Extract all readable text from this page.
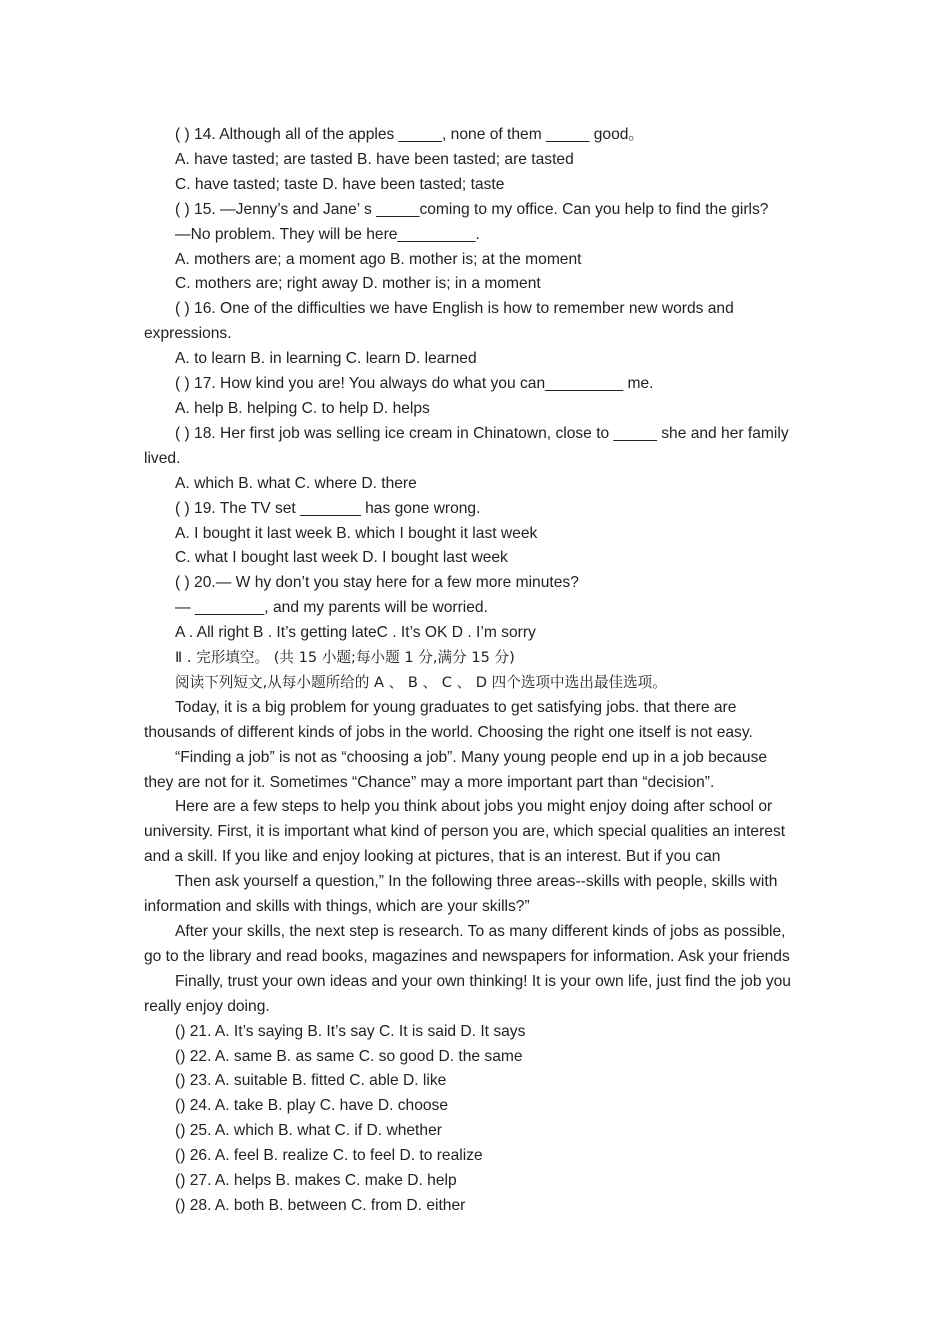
( ) 14. Although all of the apples _____, none of them _____ good。

A. have tasted; are tasted B. have been tasted; are tasted

C. have tasted; taste D. have been tasted; taste

( ) 15. —Jenny’s and Jane’ s _____coming to my office. Can you help to find the girls?

—No problem. They will be here_________.

A. mothers are; a moment ago B. mother is; at the moment

C. mothers are; right away D. mother is; in a moment

( ) 16. One of the difficulties we have English is how to remember new words and

expressions.

A. to learn B. in learning C. learn D. learned

( ) 17. How kind you are! You always do what you can_________ me.

A. help B. helping C. to help D. helps

( ) 18. Her first job was selling ice cream in Chinatown, close to _____ she and her family

lived.

A. which B. what C. where D. there

( ) 19. The TV set _______ has gone wrong.

A. I bought it last week B. which I bought it last week

C. what I bought last week D. I bought last week

( ) 20.— W hy don’t you stay here for a few more minutes?

— ________, and my parents will be worried.

A . All right B . It’s getting lateC . It’s OK D . I’m sorry

Ⅱ . 完形填空。 (共 15 小题;每小题 1 分,满分 15 分)

阅读下列短文,从每小题所给的 A 、 B 、 C 、 D 四个选项中选出最佳选项。

Today, it is a big problem for young graduates to get satisfying jobs. that there are

thousands of different kinds of jobs in the world. Choosing the right one itself is not easy.

“Finding a job” is not as “choosing a job”. Many young people end up in a job because

they are not for it. Sometimes “Chance” may a more important part than “decision”.

Here are a few steps to help you think about jobs you might enjoy doing after school or

university. First, it is important what kind of person you are, which special qualities an interest

and a skill. If you like and enjoy looking at pictures, that is an interest. But if you can

Then ask yourself a question,” In the following three areas--skills with people, skills with

information and skills with things, which are your skills?”

After your skills, the next step is research. To as many different kinds of jobs as possible,

go to the library and read books, magazines and newspapers for information. Ask your friends

Finally, trust your own ideas and your own thinking! It is your own life, just find the job you

really enjoy doing.

() 21. A. It’s saying B. It’s say C. It is said D. It says

() 22. A. same B. as same C. so good D. the same

() 23. A. suitable B. fitted C. able D. like

() 24. A. take B. play C. have D. choose

() 25. A. which B. what C. if D. whether

() 26. A. feel B. realize C. to feel D. to realize

() 27. A. helps B. makes C. make D. help

() 28. A. both B. between C. from D. either
